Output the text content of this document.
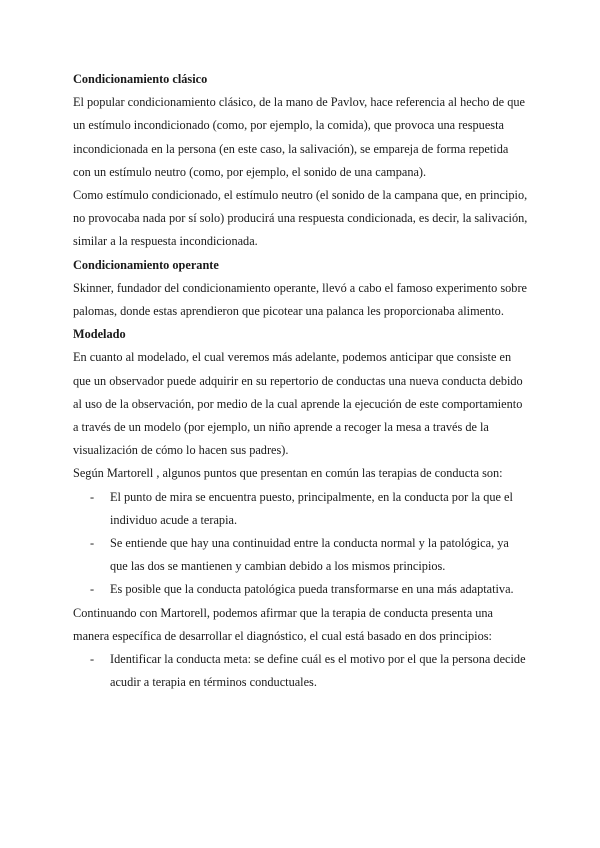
Condicionamiento clásico

El popular condicionamiento clásico, de la mano de Pavlov, hace referencia al hecho de que un estímulo incondicionado (como, por ejemplo, la comida), que provoca una respuesta incondicionada en la persona (en este caso, la salivación), se empareja de forma repetida con un estímulo neutro (como, por ejemplo, el sonido de una campana).

Como estímulo condicionado, el estímulo neutro (el sonido de la campana que, en principio, no provocaba nada por sí solo) producirá una respuesta condicionada, es decir, la salivación, similar a la respuesta incondicionada.

Condicionamiento operante

Skinner, fundador del condicionamiento operante, llevó a cabo el famoso experimento sobre palomas, donde estas aprendieron que picotear una palanca les proporcionaba alimento.

Modelado

En cuanto al modelado, el cual veremos más adelante, podemos anticipar que consiste en que un observador puede adquirir en su repertorio de conductas una nueva conducta debido al uso de la observación, por medio de la cual aprende la ejecución de este comportamiento a través de un modelo (por ejemplo, un niño aprende a recoger la mesa a través de la visualización de cómo lo hacen sus padres).

Según Martorell , algunos puntos que presentan en común las terapias de conducta son:

- El punto de mira se encuentra puesto, principalmente, en la conducta por la que el individuo acude a terapia.
- Se entiende que hay una continuidad entre la conducta normal y la patológica, ya que las dos se mantienen y cambian debido a los mismos principios.
- Es posible que la conducta patológica pueda transformarse en una más adaptativa.

Continuando con Martorell, podemos afirmar que la terapia de conducta presenta una manera específica de desarrollar el diagnóstico, el cual está basado en dos principios:

- Identificar la conducta meta: se define cuál es el motivo por el que la persona decide acudir a terapia en términos conductuales.
